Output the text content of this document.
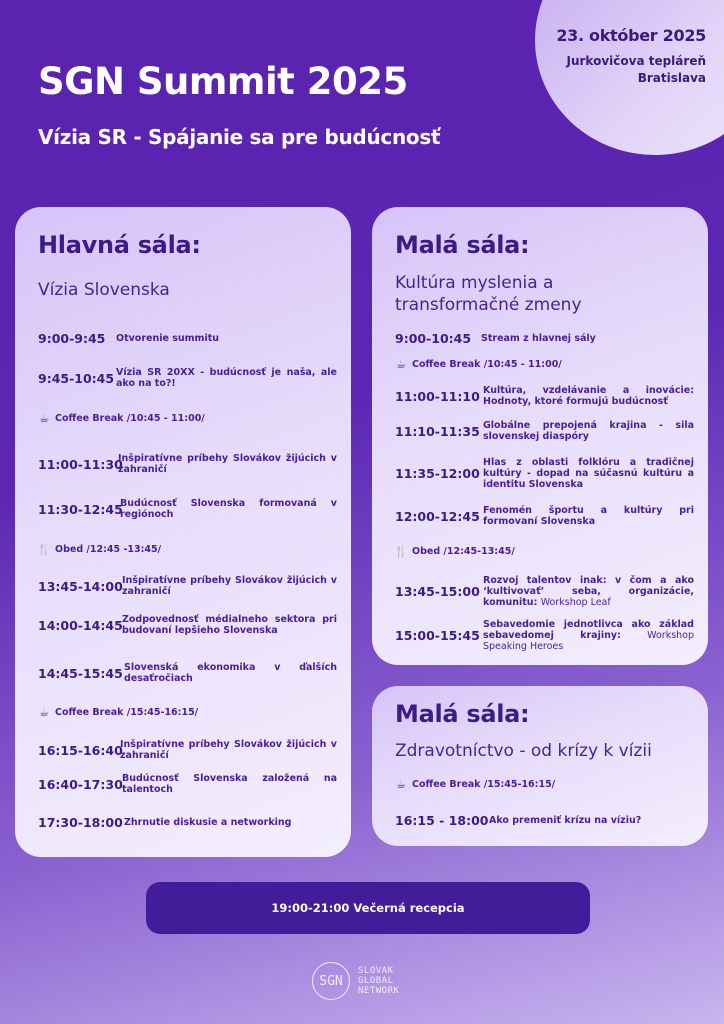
23. október 2025
Jurkovičova tepláreň
Bratislava
SGN Summit 2025
Vízia SR - Spájanie sa pre budúcnosť
Hlavná sála:
Vízia Slovenska
9:00-9:45	Otvorenie summitu
9:45-10:45 Vízia SR 20XX - budúcnosť je naša, ale ako na to?!
☕ Coffee Break /10:45 - 11:00/
11:00-11:30
Inšpiratívne príbehy Slovákov žijúcich v zahraničí
11:30-12:45
Budúcnosť Slovenska formovaná v regiónoch
🍴 Obed /12:45 -13:45/
13:45-14:00 Inšpiratívne príbehy Slovákov žijúcich v zahraničí
14:00-14:45 Zodpovednosť médialneho sektora pri budovaní lepšieho Slovenska
14:45-15:45 Slovenská ekonomika v ďalších desaťročiach
☕ Coffee Break /15:45-16:15/
16:15-16:40
Inšpiratívne príbehy Slovákov žijúcich v zahraničí
16:40-17:30 Budúcnosť Slovenska založená na talentoch
17:30-18:00 Zhrnutie diskusie a networking
Malá sála:
Kultúra myslenia a
transformačné zmeny
9:00-10:45	Stream z hlavnej sály
☕ Coffee Break /10:45 - 11:00/
11:00-11:10 Kultúra, vzdelávanie a inovácie: Hodnoty, ktoré formujú budúcnosť
11:10-11:35 Globálne prepojená krajina - sila slovenskej diaspóry
11:35-12:00
Hlas z oblasti folklóru a tradičnej kultúry - dopad na súčasnú kultúru a identitu Slovenska
12:00-12:45 Fenomén športu a kultúry pri formovaní Slovenska
🍴 Obed /12:45-13:45/
13:45-15:00
Rozvoj talentov inak: v čom a ako ‘kultivovať’ seba, organizácie, komunitu: Workshop Leaf
15:00-15:45
Sebavedomie jednotlivca ako základ sebavedomej krajiny:	Workshop Speaking Heroes
Malá sála:
Zdravotníctvo - od krízy k vízii
☕ Coffee Break /15:45-16:15/
16:15 - 18:00 Ako premeniť krízu na víziu?
19:00-21:00 Večerná recepcia
SGN
SLOVAK
GLOBAL
NETWORK
